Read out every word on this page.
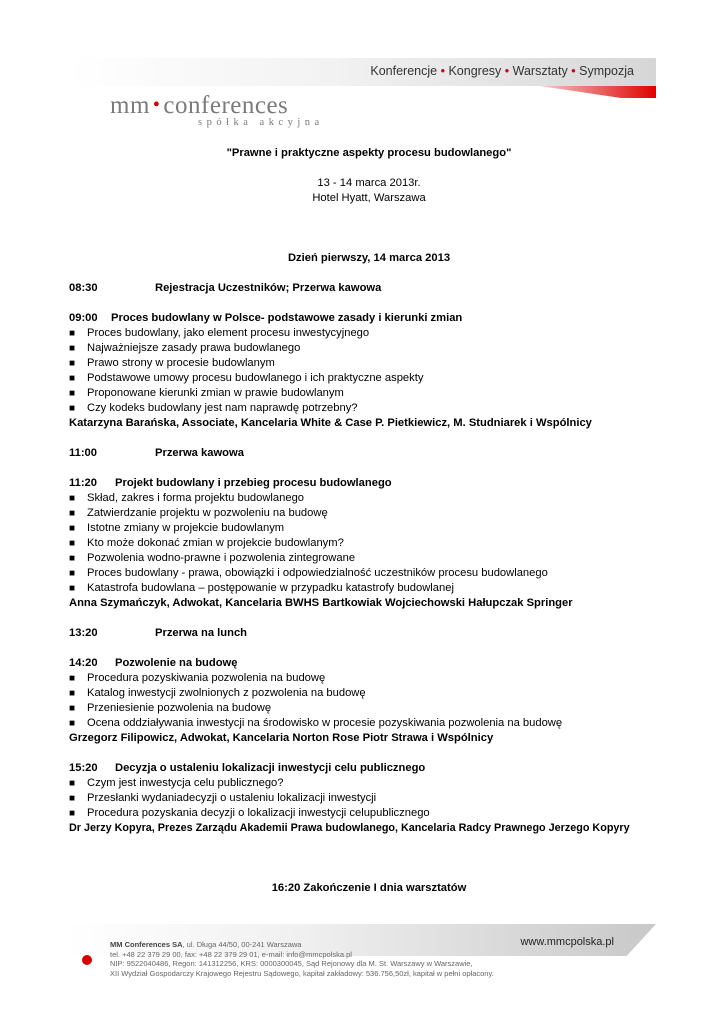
Konferencje • Kongresy • Warsztaty • Sympozja
mm • conferences
spółka akcyjna
"Prawne i praktyczne aspekty procesu budowlanego"
13 - 14 marca 2013r.
Hotel Hyatt, Warszawa
Dzień pierwszy, 14 marca 2013
08:30	Rejestracja Uczestników; Przerwa kawowa
09:00	Proces budowlany w Polsce- podstawowe zasady i kierunki zmian
■	Proces budowlany, jako element procesu inwestycyjnego
■	Najważniejsze zasady prawa budowlanego
■	Prawo strony w procesie budowlanym
■	Podstawowe umowy procesu budowlanego i ich praktyczne aspekty
■	Proponowane kierunki zmian w prawie budowlanym
■	Czy kodeks budowlany jest nam naprawdę potrzebny?
Katarzyna Barańska, Associate, Kancelaria White & Case P. Pietkiewicz, M. Studniarek i Wspólnicy
11:00	Przerwa kawowa
11:20	Projekt budowlany i przebieg procesu budowlanego
■	Skład, zakres i forma projektu budowlanego
■	Zatwierdzanie projektu w pozwoleniu na budowę
■	Istotne zmiany w projekcie budowlanym
■	Kto może dokonać zmian w projekcie budowlanym?
■	Pozwolenia wodno-prawne i pozwolenia zintegrowane
■	Proces budowlany - prawa, obowiązki i odpowiedzialność uczestników procesu budowlanego
■	Katastrofa budowlana – postępowanie w przypadku katastrofy budowlanej
Anna Szymańczyk, Adwokat, Kancelaria BWHS Bartkowiak Wojciechowski Hałupczak Springer
13:20	Przerwa na lunch
14:20	Pozwolenie na budowę
■	Procedura pozyskiwania pozwolenia na budowę
■	Katalog inwestycji zwolnionych z pozwolenia na budowę
■	Przeniesienie pozwolenia na budowę
■	Ocena oddziaływania inwestycji na środowisko w procesie pozyskiwania pozwolenia na budowę
Grzegorz Filipowicz, Adwokat, Kancelaria Norton Rose Piotr Strawa i Wspólnicy
15:20	Decyzja o ustaleniu lokalizacji inwestycji celu publicznego
■	Czym jest inwestycja celu publicznego?
■	Przesłanki wydaniadecyzji o ustaleniu lokalizacji inwestycji
■	Procedura pozyskania decyzji o lokalizacji inwestycji celupublicznego
Dr Jerzy Kopyra, Prezes Zarządu Akademii Prawa budowlanego, Kancelaria Radcy Prawnego Jerzego Kopyry
16:20 Zakończenie I dnia warsztatów
www.mmcpolska.pl
MM Conferences SA, ul. Długa 44/50, 00-241 Warszawa
tel. +48 22 379 29 00, fax: +48 22 379 29 01, e-mail: info@mmcpolska.pl
NIP: 9522040486, Regon: 141312256, KRS: 0000300045, Sąd Rejonowy dla M. St. Warszawy w Warszawie,
XII Wydział Gospodarczy Krajowego Rejestru Sądowego, kapitał zakładowy: 536.756,50zł, kapitał w pełni opłacony.
